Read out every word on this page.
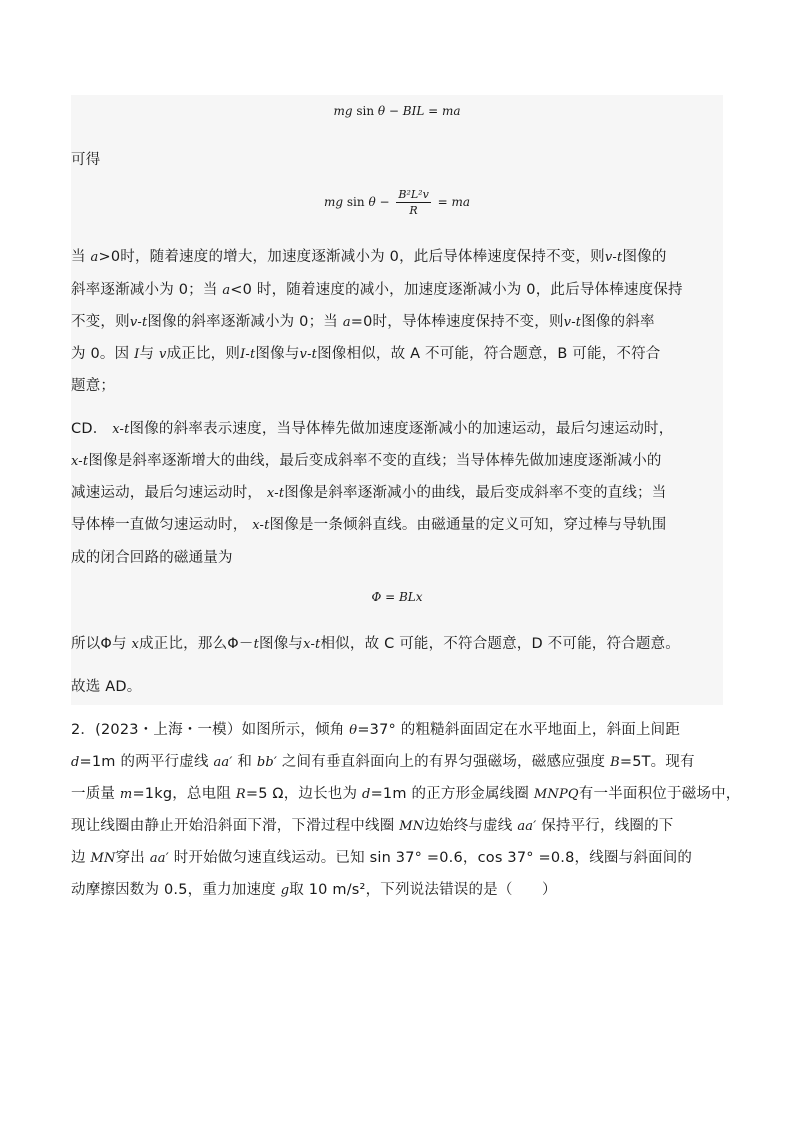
mg sin θ − BIL = ma
可得
mg $\sin \theta - \frac{\text{B²L²v}}{R}$ = ma
当 a>0时，随着速度的增大，加速度逐渐减小为 0，此后导体棒速度保持不变，则v-t图像的
斜率逐渐减小为 0；当 a<0 时，随着速度的减小，加速度逐渐减小为 0，此后导体棒速度保持
不变，则v-t图像的斜率逐渐减小为 0；当 a=0时，导体棒速度保持不变，则v-t图像的斜率
为 0。因 I与 v成正比，则I-t图像与v-t图像相似，故 A 不可能，符合题意，B 可能，不符合
题意；
CD． x-t图像的斜率表示速度，当导体棒先做加速度逐渐减小的加速运动，最后匀速运动时，
x-t图像是斜率逐渐增大的曲线，最后变成斜率不变的直线；当导体棒先做加速度逐渐减小的
减速运动，最后匀速运动时， x-t图像是斜率逐渐减小的曲线，最后变成斜率不变的直线；当
导体棒一直做匀速运动时， x-t图像是一条倾斜直线。由磁通量的定义可知，穿过棒与导轨围
成的闭合回路的磁通量为
Φ = BLx
所以Φ与 x成正比，那么Φ－t图像与x-t相似，故 C 可能，不符合题意，D 不可能，符合题意。
故选 AD。
2．(2023・上海・一模）如图所示，倾角 θ=37° 的粗糙斜面固定在水平地面上，斜面上间距
d=1m 的两平行虚线 aa′ 和 bb′ 之间有垂直斜面向上的有界匀强磁场，磁感应强度 B=5T。现有
一质量 m=1kg，总电阻 R=5 Ω，边长也为 d=1m 的正方形金属线圈 MNPQ有一半面积位于磁场中，
现让线圈由静止开始沿斜面下滑，下滑过程中线圈 MN边始终与虚线 aa′ 保持平行，线圈的下
边 MN穿出 aa′ 时开始做匀速直线运动。已知 sin 37° =0.6，cos 37° =0.8，线圈与斜面间的
动摩擦因数为 0.5，重力加速度 g取 10 m/s²，下列说法错误的是（　　）
